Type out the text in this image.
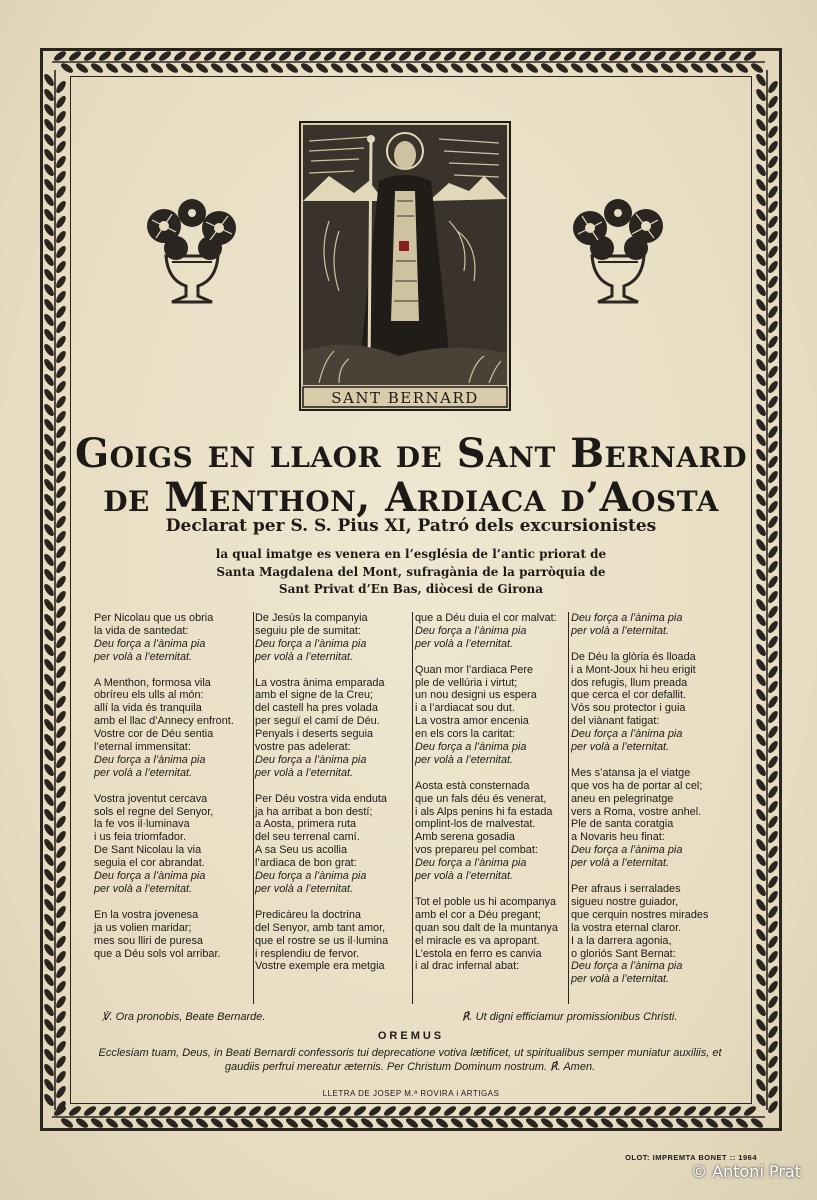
SANT BERNARD
Goigs en llaor de Sant Bernard
de Menthon, Ardiaca d’Aosta
Declarat per S. S. Pius XI, Patró dels excursionistes
la qual imatge es venera en l’església de l’antic priorat de
Santa Magdalena del Mont, sufragània de la parròquia de
Sant Privat d’En Bas, diòcesi de Girona
Per Nicolau que us obria
la vida de santedat:
Deu força a l’ànima pia
per volà a l’eternitat.
A Menthon, formosa vila
obríreu els ulls al món:
allí la vida és tranquila
amb el llac d’Annecy enfront.
Vostre cor de Déu sentia
l’eternal immensitat:
Deu força a l’ànima pia
per volà a l’eternitat.
Vostra joventut cercava
sols el regne del Senyor,
la fe vos il·luminava
i us feia triomfador.
De Sant Nicolau la via
seguia el cor abrandat.
Deu força a l’ànima pia
per volà a l’eternitat.
En la vostra jovenesa
ja us volien maridar;
mes sou lliri de puresa
que a Déu sols vol arribar.
De Jesús la companyia
seguiu ple de sumitat:
Deu força a l’ànima pia
per volà a l’eternitat.
La vostra ànima emparada
amb el signe de la Creu;
del castell ha pres volada
per seguï el camí de Déu.
Penyals i deserts seguia
vostre pas adelerat:
Deu força a l’ànima pia
per volà a l’eternitat.
Per Déu vostra vida enduta
ja ha arribat a bon destí;
a Aosta, primera ruta
del seu terrenal camí.
A sa Seu us acollia
l’ardiaca de bon grat:
Deu força a l’ànima pia
per volà a l’eternitat.
Predicàreu la doctrina
del Senyor, amb tant amor,
que el rostre se us il·lumina
i resplendiu de fervor.
Vostre exemple era metgia
que a Déu duia el cor malvat:
Deu força a l’ànima pia
per volà a l’eternitat.
Quan mor l’ardiaca Pere
ple de vellúria i virtut;
un nou designi us espera
i a l’ardiacat sou dut.
La vostra amor encenia
en els cors la caritat:
Deu força a l’ànima pia
per volà a l’eternitat.
Aosta està consternada
que un fals déu és venerat,
i als Alps penins hi fa estada
omplint-los de malvestat.
Amb serena gosadia
vos prepareu pel combat:
Deu força a l’ànima pia
per volà a l’eternitat.
Tot el poble us hi acompanya
amb el cor a Déu pregant;
quan sou dalt de la muntanya
el miracle es va apropant.
L’estola en ferro es canvia
i al drac infernal abat:
Deu força a l’ànima pia
per volà a l’eternitat.
De Déu la glòria és lloada
i a Mont-Joux hi heu erigit
dos refugis, llum preada
que cerca el cor defallit.
Vós sou protector i guia
del viànant fatigat:
Deu força a l’ànima pia
per volà a l’eternitat.
Mes s’atansa ja el viatge
que vos ha de portar al cel;
aneu en pelegrinatge
vers a Roma, vostre anhel.
Ple de santa coratgia
a Novaris heu finat:
Deu força a l’ànima pia
per volà a l’eternitat.
Per afraus i serralades
sigueu nostre guiador,
que cerquin nostres mirades
la vostra eternal claror.
I a la darrera agonia,
o gloriós Sant Bernat:
Deu força a l’ànima pia
per volà a l’eternitat.
℣. Ora pronobis, Beate Bernarde.	℟. Ut digni efficiamur promissionibus Christi.
OREMUS
Ecclesiam tuam, Deus, in Beati Bernardi confessoris tui deprecatione votiva lætificet, ut spiritualibus semper muniatur auxiliis, et gaudiis perfrui mereatur æternis. Per Christum Dominum nostrum. ℟. Amen.
LLETRA DE JOSEP M.ª ROVIRA i ARTIGAS
OLOT: IMPREMTA BONET :: 1964
© Antoni Prat
